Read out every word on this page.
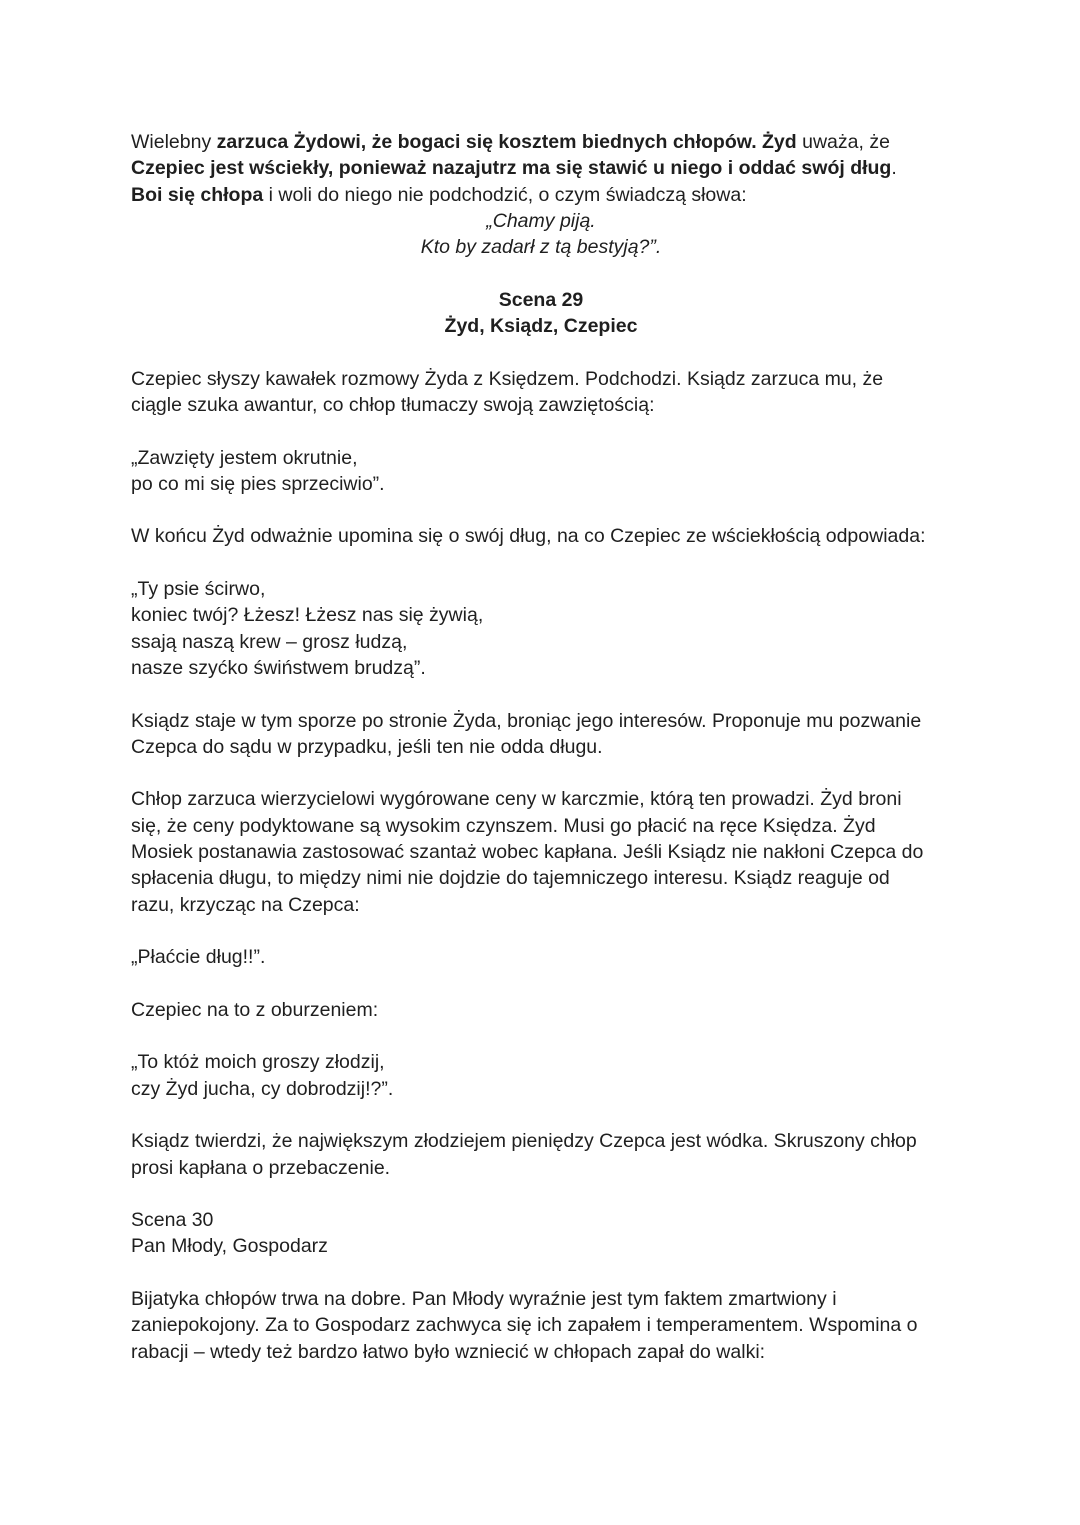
Wielebny zarzuca Żydowi, że bogaci się kosztem biednych chłopów. Żyd uważa, że
Czepiec jest wściekły, ponieważ nazajutrz ma się stawić u niego i oddać swój dług.
Boi się chłopa i woli do niego nie podchodzić, o czym świadczą słowa:

„Chamy piją.
Kto by zadarł z tą bestyją?”.

Scena 29
Żyd, Ksiądz, Czepiec

Czepiec słyszy kawałek rozmowy Żyda z Księdzem. Podchodzi. Ksiądz zarzuca mu, że
ciągle szuka awantur, co chłop tłumaczy swoją zawziętością:

„Zawzięty jestem okrutnie,
po co mi się pies sprzeciwio”.

W końcu Żyd odważnie upomina się o swój dług, na co Czepiec ze wściekłością odpowiada:

„Ty psie ścirwo,
koniec twój? Łżesz! Łżesz nas się żywią,
ssają naszą krew – grosz łudzą,
nasze szyćko świństwem brudzą”.

Ksiądz staje w tym sporze po stronie Żyda, broniąc jego interesów. Proponuje mu pozwanie
Czepca do sądu w przypadku, jeśli ten nie odda długu.

Chłop zarzuca wierzycielowi wygórowane ceny w karczmie, którą ten prowadzi. Żyd broni
się, że ceny podyktowane są wysokim czynszem. Musi go płacić na ręce Księdza. Żyd
Mosiek postanawia zastosować szantaż wobec kapłana. Jeśli Ksiądz nie nakłoni Czepca do
spłacenia długu, to między nimi nie dojdzie do tajemniczego interesu. Ksiądz reaguje od
razu, krzycząc na Czepca:

„Płaćcie dług!!”.

Czepiec na to z oburzeniem:

„To któż moich groszy złodzij,
czy Żyd jucha, cy dobrodzij!?”.

Ksiądz twierdzi, że największym złodziejem pieniędzy Czepca jest wódka. Skruszony chłop
prosi kapłana o przebaczenie.

Scena 30
Pan Młody, Gospodarz

Bijatyka chłopów trwa na dobre. Pan Młody wyraźnie jest tym faktem zmartwiony i
zaniepokojony. Za to Gospodarz zachwyca się ich zapałem i temperamentem. Wspomina o
rabacji – wtedy też bardzo łatwo było wzniecić w chłopach zapał do walki:
